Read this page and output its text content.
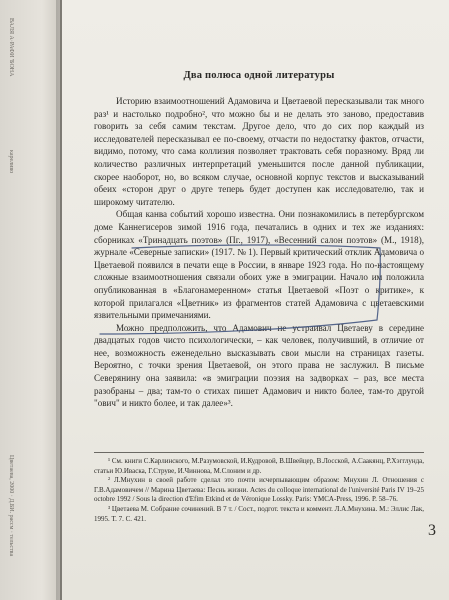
ВАЛЯ А·РАФИ 'БОНА
кареливо
Цветаева, 2000 · Д.БИ. рассм · тельства
Два полюса одной литературы

Историю взаимоотношений Адамовича и Цветаевой пересказывали так много раз¹ и настолько подробно², что можно бы и не делать это заново, предоставив говорить за себя самим текстам. Другое дело, что до сих пор каждый из исследователей пересказывал ее по-своему, отчасти по недостатку фактов, отчасти, видимо, потому, что сама коллизия позволяет трактовать себя поразному. Вряд ли количество различных интерпретаций уменьшится после данной публикации, скорее наоборот, но, во всяком случае, основной корпус текстов и высказываний обеих «сторон друг о друге теперь будет доступен как исследователю, так и широкому читателю.

Общая канва событий хорошо известна. Они познакомились в петербургском доме Каннегисеров зимой 1916 года, печатались в одних и тех же изданиях: сборниках «Тринадцать поэтов» (Пг., 1917), «Весенний салон поэтов» (М., 1918), журнале «Северные записки» (1917. № 1). Первый критический отклик Адамовича о Цветаевой появился в печати еще в России, в январе 1923 года. Но по-настоящему сложные взаимоотношения связали обоих уже в эмиграции. Начало им положила опубликованная в «Благонамеренном» статья Цветаевой «Поэт о критике», к которой прилагался «Цветник» из фрагментов статей Адамовича с цветаевскими язвительными примечаниями.

Можно предположить, что Адамович не устраивал Цветаеву в середине двадцатых годов чисто психологически, – как человек, получивший, в отличие от нее, возможность еженедельно высказывать свои мысли на страницах газеты. Вероятно, с точки зрения Цветаевой, он этого права не заслужил. В письме Северянину она заявила: «в эмиграции поэзия на задворках – раз, все места разобраны – два; там-то о стихах пишет Адамович и никто более, там-то другой "ович" и никто более, и так далее»³.

¹ См. книги С.Карлинского, М.Разумовской, И.Кудровой, В.Швейцер, В.Лосской, А.Саакянц, Р.Хэгглунда, статьи Ю.Иваска, Г.Струве, И.Чиннова, М.Слоним и др.

² Л.Мнухин в своей работе сделал это почти исчерпывающим образом: Мнухин Л. Отношения с Г.В.Адамовичем // Марина Цветаева: Песнь жизни. Actes du colloque international de l'université Paris IV 19–25 octobre 1992 / Sous la direction d'Efim Etkind et de Véronique Lossky. Paris: YMCA-Press, 1996. P. 58–76.

³ Цветаева М. Собрание сочинений. В 7 т. / Сост., подгот. текста и коммент. Л.А.Мнухина. М.: Эллис Лак, 1995. Т. 7. С. 421.

3
